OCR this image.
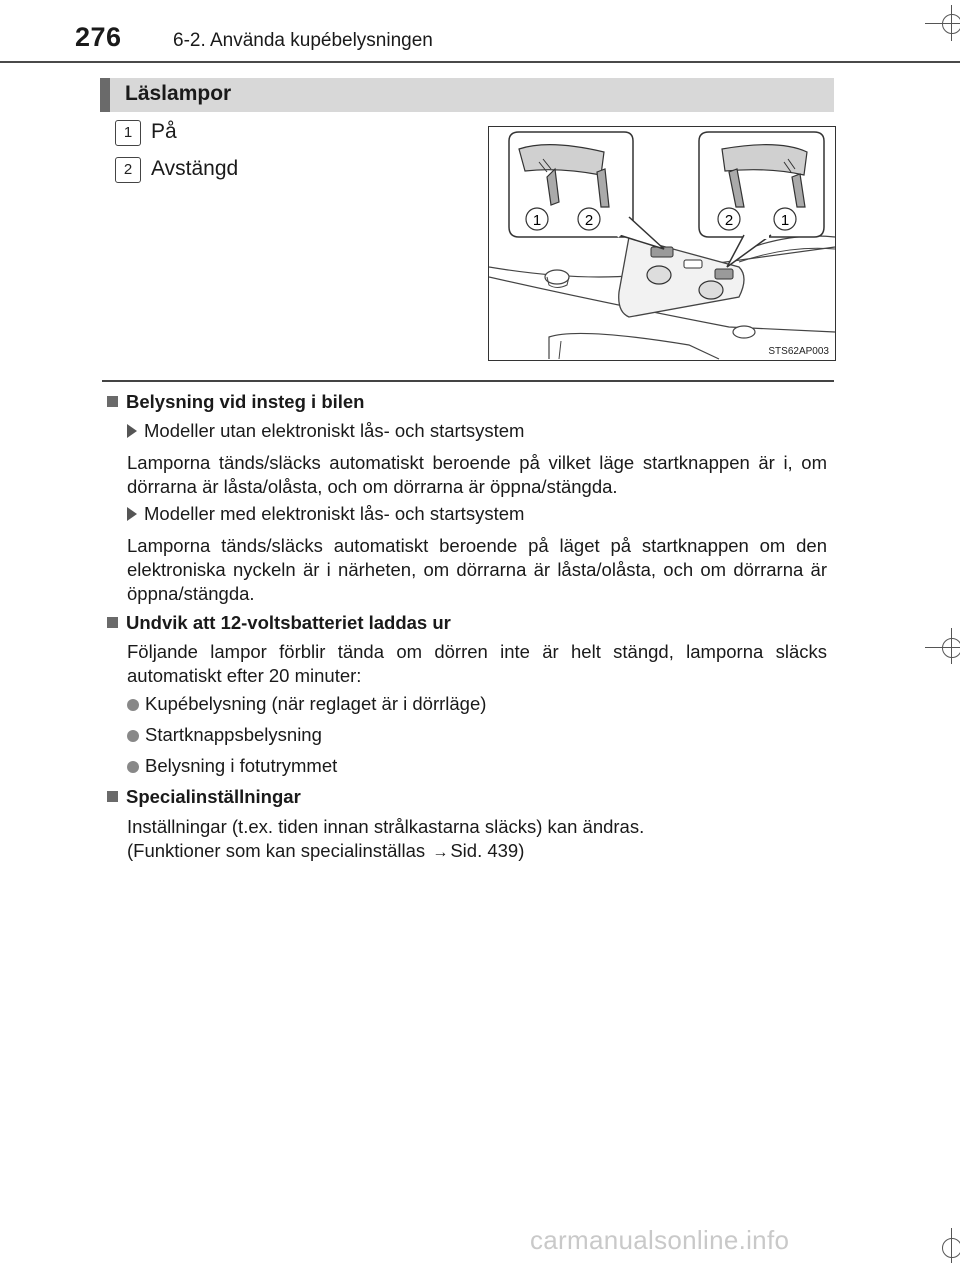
276	6-2. Använda kupébelysningen
Läslampor
1 På
2 Avstängd
1	2	2	1
STS62AP003
Belysning vid insteg i bilen
Modeller utan elektroniskt lås- och startsystem
Lamporna tänds/släcks automatiskt beroende på vilket läge startknappen är i, om dörrarna är låsta/olåsta, och om dörrarna är öppna/stängda.
Modeller med elektroniskt lås- och startsystem
Lamporna tänds/släcks automatiskt beroende på läget på startknappen om den elektroniska nyckeln är i närheten, om dörrarna är låsta/olåsta, och om dörrarna är öppna/stängda.
Undvik att 12-voltsbatteriet laddas ur
Följande lampor förblir tända om dörren inte är helt stängd, lamporna släcks automatiskt efter 20 minuter:
Kupébelysning (när reglaget är i dörrläge)
Startknappsbelysning
Belysning i fotutrymmet
Specialinställningar
Inställningar (t.ex. tiden innan strålkastarna släcks) kan ändras.
(Funktioner som kan specialinställas → Sid. 439)
carmanualsonline.info
